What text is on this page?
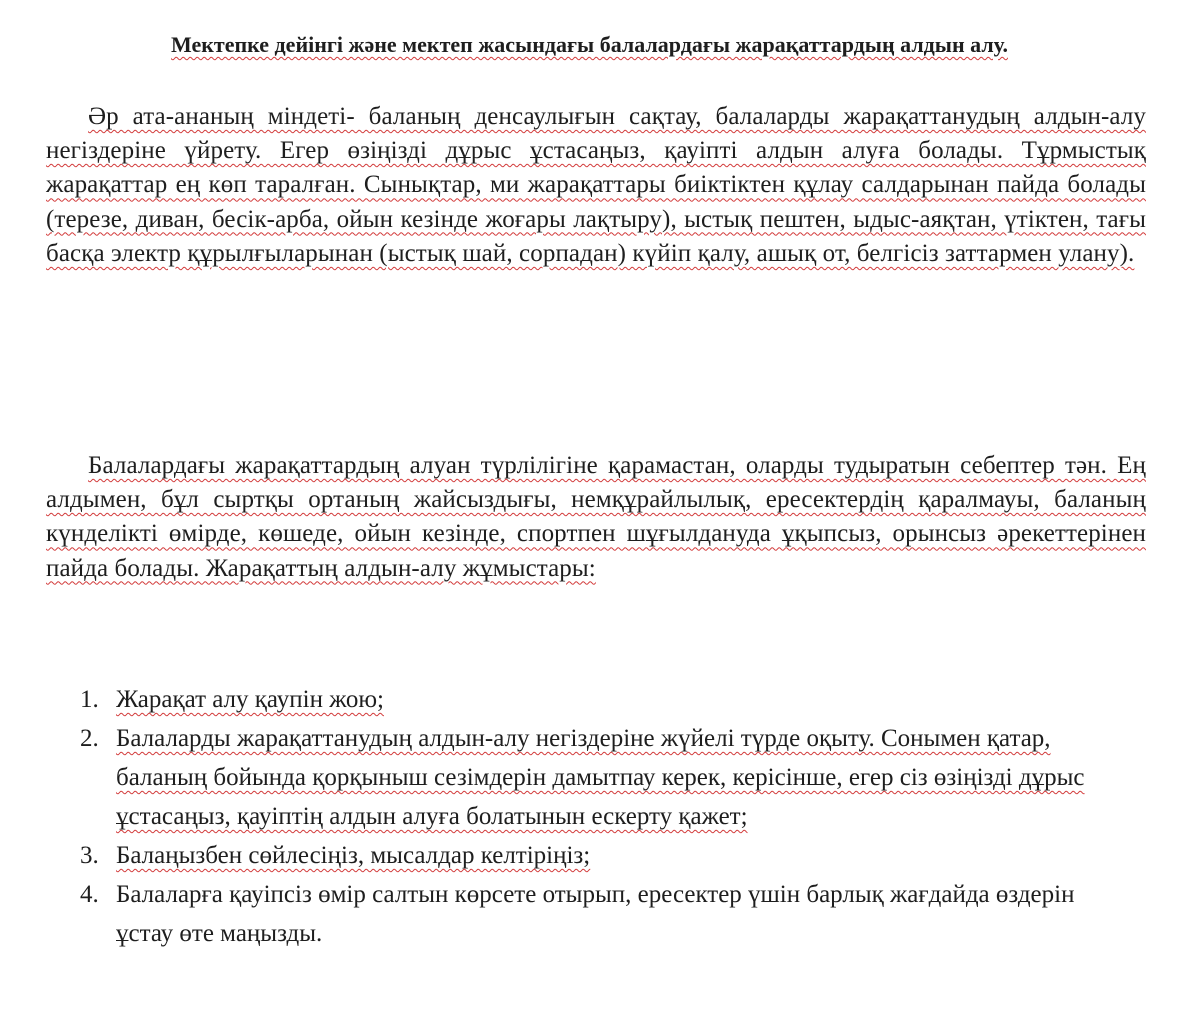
Мектепке дейінгі және мектеп жасындағы балалардағы жарақаттардың алдын алу.

Әр ата-ананың міндеті- баланың денсаулығын сақтау, балаларды жарақаттанудың алдын-алу негіздеріне үйрету. Егер өзіңізді дұрыс ұстасаңыз, қауіпті алдын алуға болады. Тұрмыстық жарақаттар ең көп таралған. Сынықтар, ми жарақаттары биіктіктен құлау салдарынан пайда болады (терезе, диван, бесік-арба, ойын кезінде жоғары лақтыру), ыстық пештен, ыдыс-аяқтан, үтіктен, тағы басқа электр құрылғыларынан (ыстық шай, сорпадан) күйіп қалу, ашық от, белгісіз заттармен улану).

Балалардағы жарақаттардың алуан түрлілігіне қарамастан, оларды тудыратын себептер тән. Ең алдымен, бұл сыртқы ортаның жайсыздығы, немқұрайлылық, ересектердің қаралмауы, баланың күнделікті өмірде, көшеде, ойын кезінде, спортпен шұғылдануда ұқыпсыз, орынсыз әрекеттерінен пайда болады. Жарақаттың алдын-алу жұмыстары:

1. Жарақат алу қаупін жою;
2. Балаларды жарақаттанудың алдын-алу негіздеріне жүйелі түрде оқыту. Сонымен қатар, баланың бойында қорқыныш сезімдерін дамытпау керек, керісінше, егер сіз өзіңізді дұрыс ұстасаңыз, қауіптің алдын алуға болатынын ескерту қажет;
3. Балаңызбен сөйлесіңіз, мысалдар келтіріңіз;
4. Балаларға қауіпсіз өмір салтын көрсете отырып, ересектер үшін барлық жағдайда өздерін ұстау өте маңызды.
